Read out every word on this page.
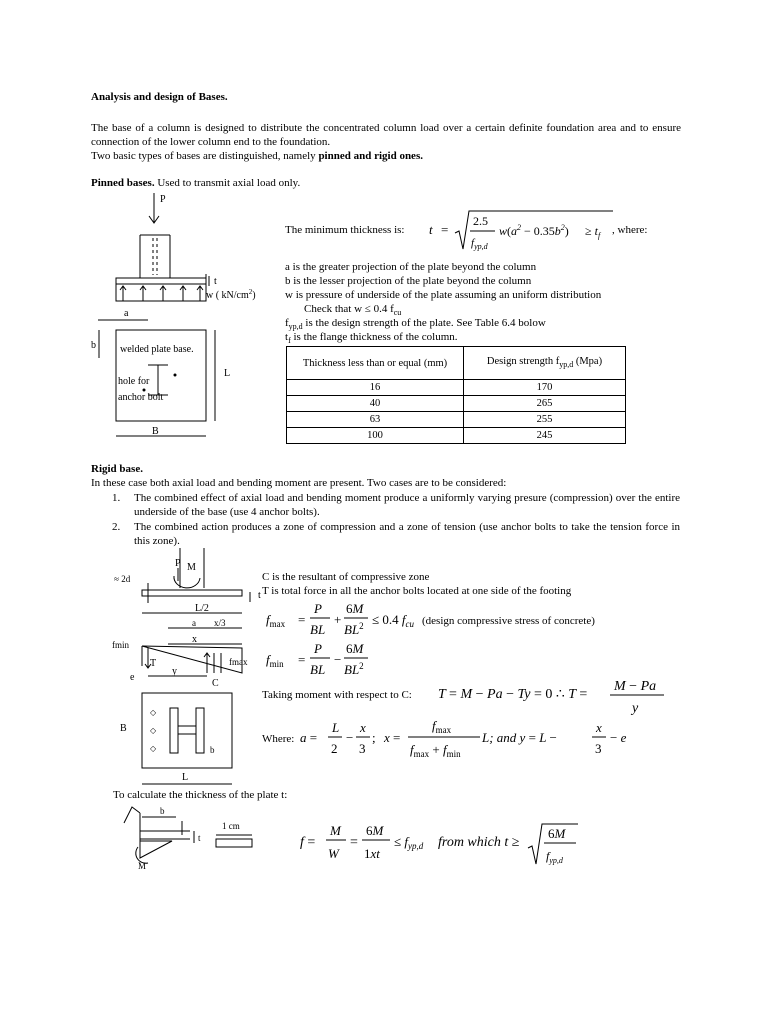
Analysis and design of Bases.

The base of a column is designed to distribute the concentrated column load over a certain definite foundation area and to ensure connection of the lower column end to the foundation.

Two basic types of bases are distinguished, namely pinned and rigid ones.

Pinned bases. Used to transmit axial load only.
P
t
w ( $kN/cm^2$)
a
b welded plate base.
hole for
anchor bolt
L
B
The minimum thickness is: t =
2.5
$f_{yp,d}$
$w(a^2 - 0.35b^2) \ge t_f$ , where:
a is the greater projection of the plate beyond the column
b is the lesser projection of the plate beyond the column
w is pressure of underside of the plate assuming an uniform distribution
Check that w ≤ 0.4 $f_{cu}$
$f_{yp,d}$ is the design strength of the plate. See Table 6.4 bolow
$t_f$ is the flange thickness of the column.
Thickness less than or equal (mm)	Design strength $f_{yp,d}$ (Mpa)
16	170
40	265
63	255
100	245
Rigid base.
In these case both axial load and bending moment are present. Two cases are to be considered:
1. The combined effect of axial load and bending moment produce a uniformly varying presure (compression) over the entire underside of the base (use 4 anchor bolts).
2. The combined action produces a zone of compression and a zone of tension (use anchor bolts to take the tension force in this zone).
P M
≈ 2d
t
L/2
a x/3
x
fmin
fmax
T
y
e
C
B
◇
◇
◇	b
L
C is the resultant of compressive zone
T is total force in all the anchor bolts located at one side of the footing
$f_{max}$ =
P
BL
+
6M
$BL^2 \le 0.4$ $f_{cu}$ (design compressive stress of concrete)
$f_{min}$ =
P
BL
−
6M
$BL^2$
Taking moment with respect to C: T = M − Pa − Ty = 0 ∴ T =
M − Pa
y
Where: a =
L
2
−
x
3
; x =
$f_{max}$
$f_{max} + f_{min}$
L; and y = L −
x
3
− e
To calculate the thickness of the plate t:
b
t
M
1 cm
f =
M
W
=
6M
1xt
≤ $f_{yp,d}$ from which t ≥
6M
$f_{yp,d}$
